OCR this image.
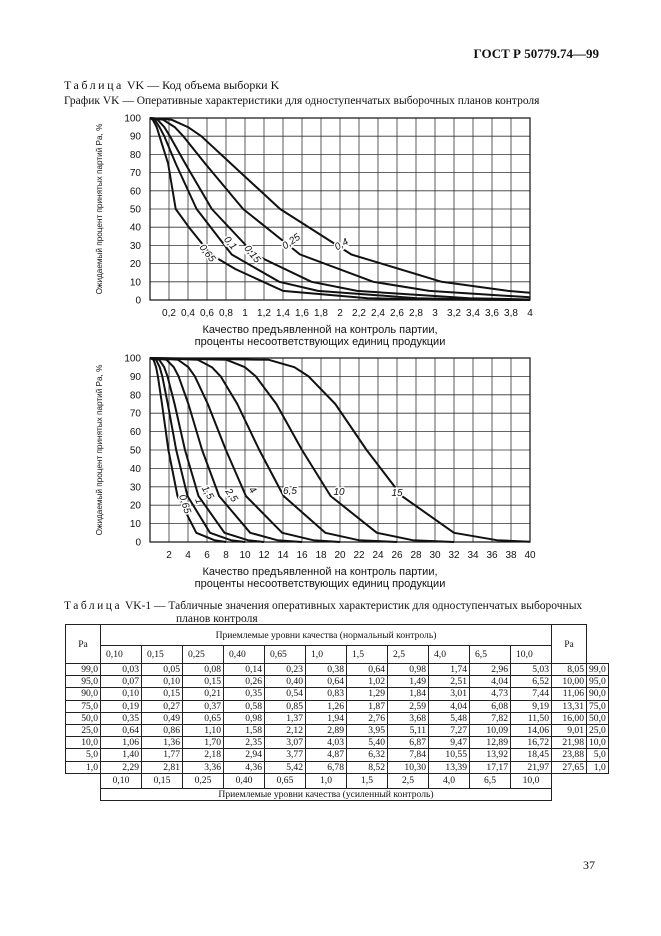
ГОСТ Р 50779.74—99
Таблица VK — Код объема выборки K
График VK — Оперативные характеристики для одноступенчатых выборочных планов контроля
0,2 0,4 0,6 0,8 1 1,2 1,4 1,6 1,8 2 2,2 2,4 2,6 2,8 3 3,2 3,4 3,6 3,8 4
0
10
20
30
40
50
60
70
80
90
100
Ожидаемый процент принятых партий Pa, %
Качество предъявленной на контроль партии,
проценты несоответствующих единиц продукции
0,65 0,1
0,15
0,25	0,4
2 4 6 8 10 12 14 16 18 20 22 24 26 28 30 32 34 36 38 40
0
10
20
30
40
50
60
70
80
90
100
Ожидаемый процент принятых партий Pa, %
Качество предъявленной на контроль партии,
проценты несоответствующих единиц продукции
0,65 1
1,5 2,5 4	6,5	10	15
Таблица VK-1 — Табличные значения оперативных характеристик для одноступенчатых выборочных
планов контроля
Pa	Приемлемые уровни качества (нормальный контроль)											Pa	
	0,10	0,15	0,25	0,40	0,65	1,0	1,5	2,5	4,0	6,5	10,0		
99,0	0,03	0,05	0,08	0,14	0,23	0,38	0,64	0,98	1,74	2,96	5,03	8,05	99,0
95,0	0,07	0,10	0,15	0,26	0,40	0,64	1,02	1,49	2,51	4,04	6,52	10,00	95,0
90,0	0,10	0,15	0,21	0,35	0,54	0,83	1,29	1,84	3,01	4,73	7,44	11,06	90,0
75,0	0,19	0,27	0,37	0,58	0,85	1,26	1,87	2,59	4,04	6,08	9,19	13,31	75,0
50,0	0,35	0,49	0,65	0,98	1,37	1,94	2,76	3,68	5,48	7,82	11,50	16,00	50,0
25,0	0,64	0,86	1,10	1,58	2,12	2,89	3,95	5,11	7,27	10,09	14,06	9,01	25,0
10,0	1,06	1,36	1,70	2,35	3,07	4,03	5,40	6,87	9,47	12,89	16,72	21,98	10,0
5,0	1,40	1,77	2,18	2,94	3,77	4,87	6,32	7,84	10,55	13,92	18,45	23,88	5,0
1,0	2,29	2,81	3,36	4,36	5,42	6,78	8,52	10,30	13,39	17,17	21,97	27,65	1,0
	0,10	0,15	0,25	0,40	0,65	1,0	1,5	2,5	4,0	6,5	10,0		
	Приемлемые уровни качества (усиленный контроль)												
37
